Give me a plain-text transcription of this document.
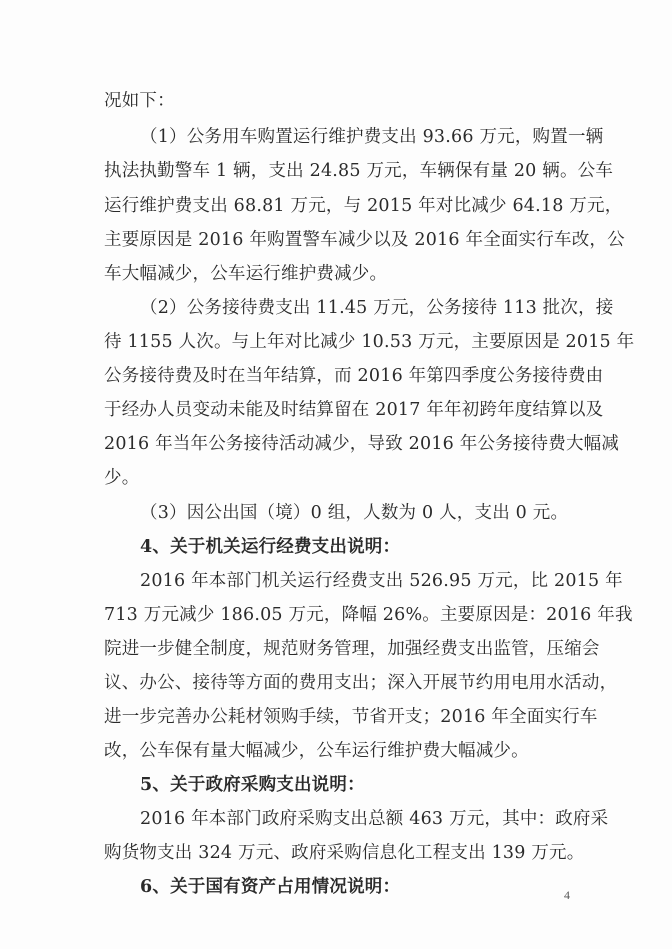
况如下：
（1）公务用车购置运行维护费支出 93.66 万元，购置一辆
执法执勤警车 1 辆，支出 24.85 万元，车辆保有量 20 辆。公车
运行维护费支出 68.81 万元，与 2015 年对比减少 64.18 万元，
主要原因是 2016 年购置警车减少以及 2016 年全面实行车改，公
车大幅减少，公车运行维护费减少。
（2）公务接待费支出 11.45 万元，公务接待 113 批次，接
待 1155 人次。与上年对比减少 10.53 万元，主要原因是 2015 年
公务接待费及时在当年结算，而 2016 年第四季度公务接待费由
于经办人员变动未能及时结算留在 2017 年年初跨年度结算以及
2016 年当年公务接待活动减少，导致 2016 年公务接待费大幅减
少。
（3）因公出国（境）0 组，人数为 0 人，支出 0 元。
4、关于机关运行经费支出说明：
2016 年本部门机关运行经费支出 526.95 万元，比 2015 年
713 万元减少 186.05 万元，降幅 26%。主要原因是：2016 年我
院进一步健全制度，规范财务管理，加强经费支出监管，压缩会
议、办公、接待等方面的费用支出；深入开展节约用电用水活动，
进一步完善办公耗材领购手续，节省开支；2016 年全面实行车
改，公车保有量大幅减少，公车运行维护费大幅减少。
5、关于政府采购支出说明：
2016 年本部门政府采购支出总额 463 万元，其中：政府采
购货物支出 324 万元、政府采购信息化工程支出 139 万元。
6、关于国有资产占用情况说明：	4
